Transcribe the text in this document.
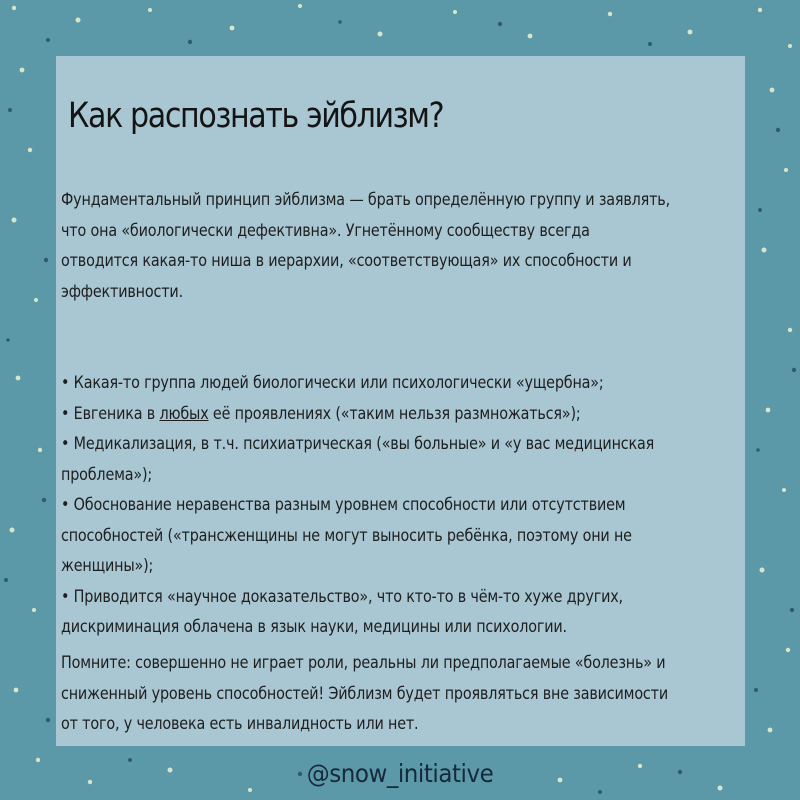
Как распознать эйблизм?
Фундаментальный принцип эйблизма — брать определённую группу и заявлять,
что она «биологически дефективна». Угнетённому сообществу всегда
отводится какая-то ниша в иерархии, «соответствующая» их способности и
эффективности.
• Какая-то группа людей биологически или психологически «ущербна»;
• Евгеника в любых её проявлениях («таким нельзя размножаться»);
• Медикализация, в т.ч. психиатрическая («вы больные» и «у вас медицинская
проблема»);
• Обоснование неравенства разным уровнем способности или отсутствием
способностей («трансженщины не могут выносить ребёнка, поэтому они не
женщины»);
• Приводится «научное доказательство», что кто-то в чём-то хуже других,
дискриминация облачена в язык науки, медицины или психологии.
Помните: совершенно не играет роли, реальны ли предполагаемые «болезнь» и
сниженный уровень способностей! Эйблизм будет проявляться вне зависимости
от того, у человека есть инвалидность или нет.
@snow_initiative
